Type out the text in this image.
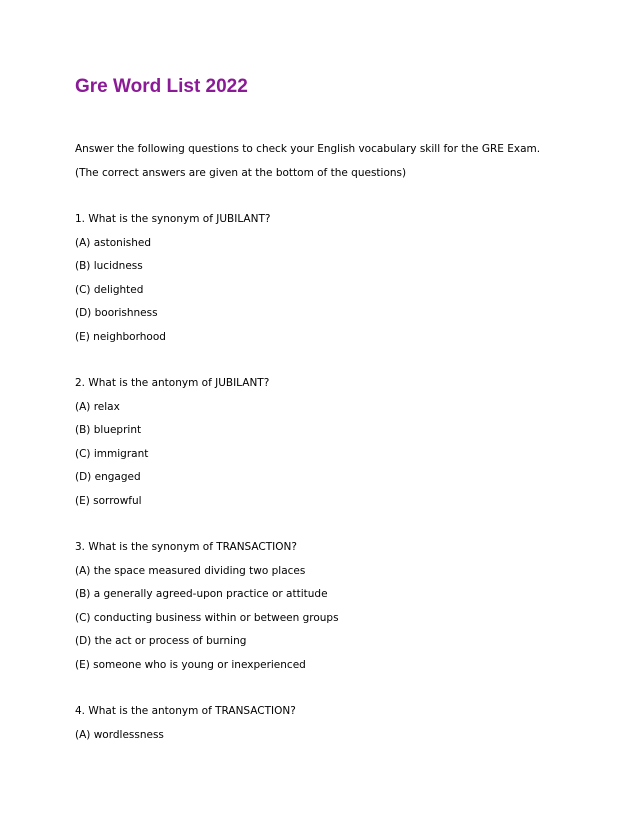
Gre Word List 2022

Answer the following questions to check your English vocabulary skill for the GRE Exam.

(The correct answers are given at the bottom of the questions)

1. What is the synonym of JUBILANT?

(A) astonished

(B) lucidness

(C) delighted

(D) boorishness

(E) neighborhood

2. What is the antonym of JUBILANT?

(A) relax

(B) blueprint

(C) immigrant

(D) engaged

(E) sorrowful

3. What is the synonym of TRANSACTION?

(A) the space measured dividing two places

(B) a generally agreed-upon practice or attitude

(C) conducting business within or between groups

(D) the act or process of burning

(E) someone who is young or inexperienced

4. What is the antonym of TRANSACTION?

(A) wordlessness
